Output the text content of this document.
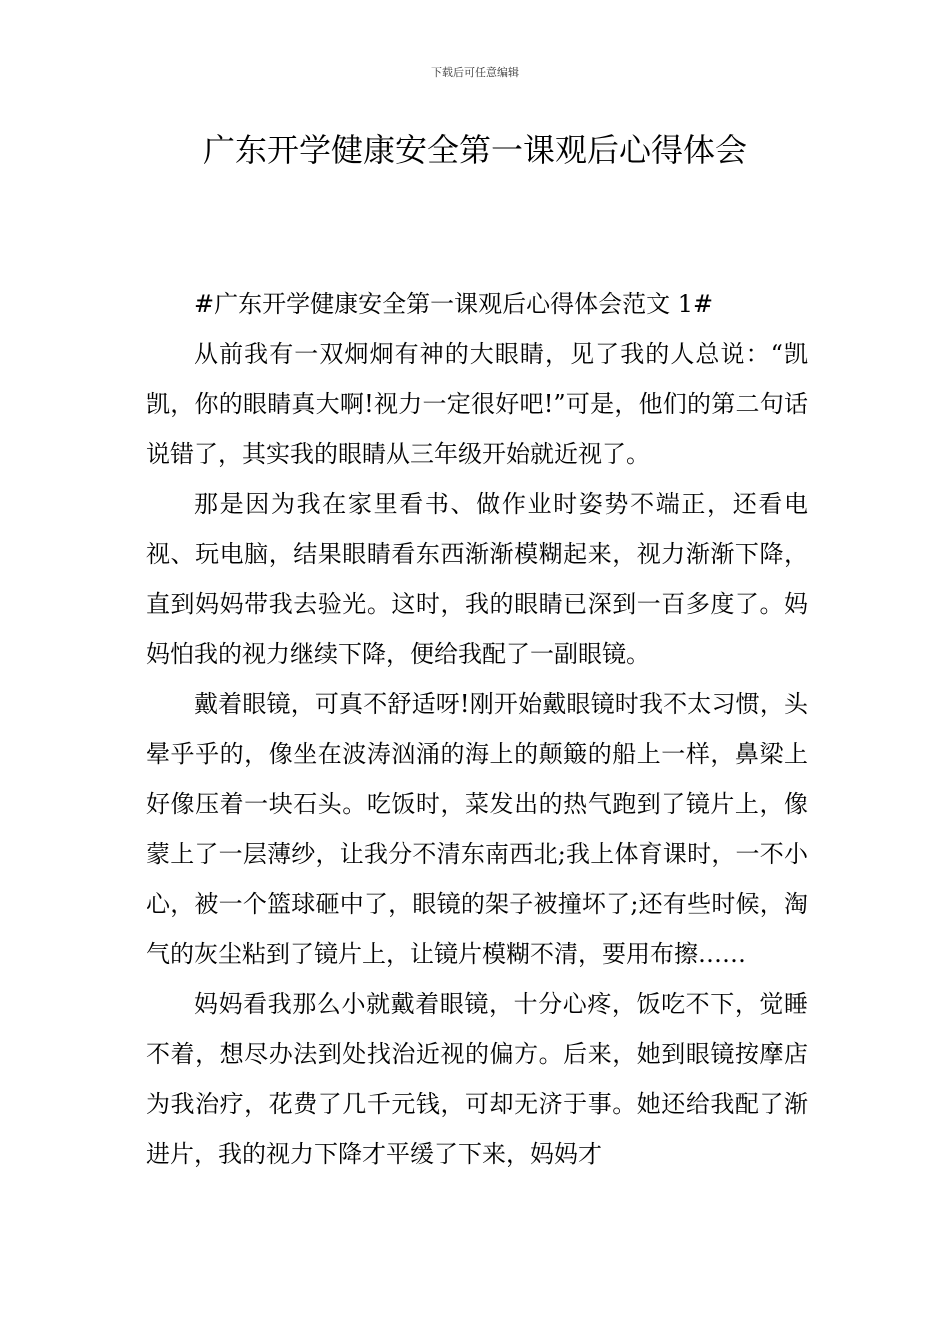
下载后可任意编辑
广东开学健康安全第一课观后心得体会

#广东开学健康安全第一课观后心得体会范文 1#

从前我有一双炯炯有神的大眼睛，见了我的人总说：“凯凯，你的眼睛真大啊!视力一定很好吧!”可是，他们的第二句话说错了，其实我的眼睛从三年级开始就近视了。

那是因为我在家里看书、做作业时姿势不端正，还看电视、玩电脑，结果眼睛看东西渐渐模糊起来，视力渐渐下降，直到妈妈带我去验光。这时，我的眼睛已深到一百多度了。妈妈怕我的视力继续下降，便给我配了一副眼镜。

戴着眼镜，可真不舒适呀!刚开始戴眼镜时我不太习惯，头晕乎乎的，像坐在波涛汹涌的海上的颠簸的船上一样，鼻梁上好像压着一块石头。吃饭时，菜发出的热气跑到了镜片上，像蒙上了一层薄纱，让我分不清东南西北;我上体育课时，一不小心，被一个篮球砸中了，眼镜的架子被撞坏了;还有些时候，淘气的灰尘粘到了镜片上，让镜片模糊不清，要用布擦……

妈妈看我那么小就戴着眼镜，十分心疼，饭吃不下，觉睡不着，想尽办法到处找治近视的偏方。后来，她到眼镜按摩店为我治疗，花费了几千元钱，可却无济于事。她还给我配了渐进片，我的视力下降才平缓了下来，妈妈才
